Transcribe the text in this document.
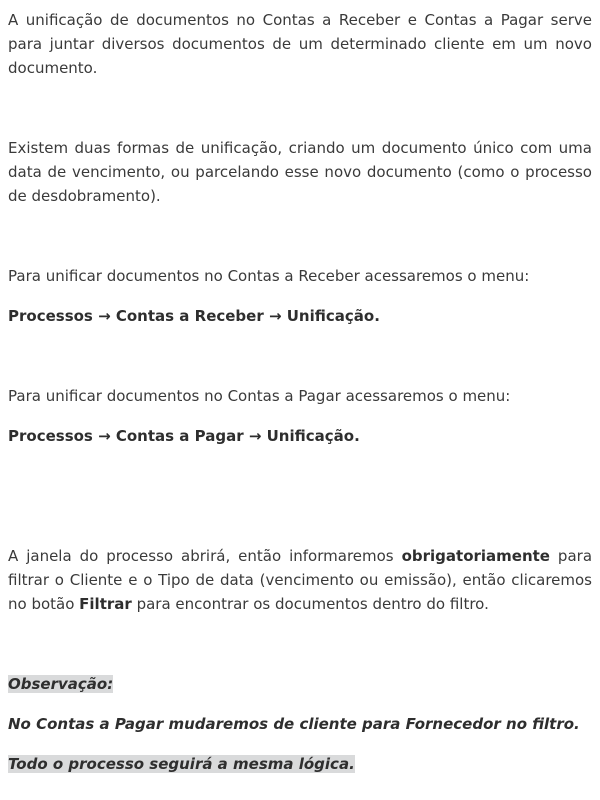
A unificação de documentos no Contas a Receber e Contas a Pagar serve para juntar diversos documentos de um determinado cliente em um novo documento.

Existem duas formas de unificação, criando um documento único com uma data de vencimento, ou parcelando esse novo documento (como o processo de desdobramento).

Para unificar documentos no Contas a Receber acessaremos o menu:

Processos → Contas a Receber → Unificação.

Para unificar documentos no Contas a Pagar acessaremos o menu:

Processos → Contas a Pagar → Unificação.

A janela do processo abrirá, então informaremos obrigatoriamente para filtrar o Cliente e o Tipo de data (vencimento ou emissão), então clicaremos no botão Filtrar para encontrar os documentos dentro do filtro.

Observação:

No Contas a Pagar mudaremos de cliente para Fornecedor no filtro.

Todo o processo seguirá a mesma lógica.
